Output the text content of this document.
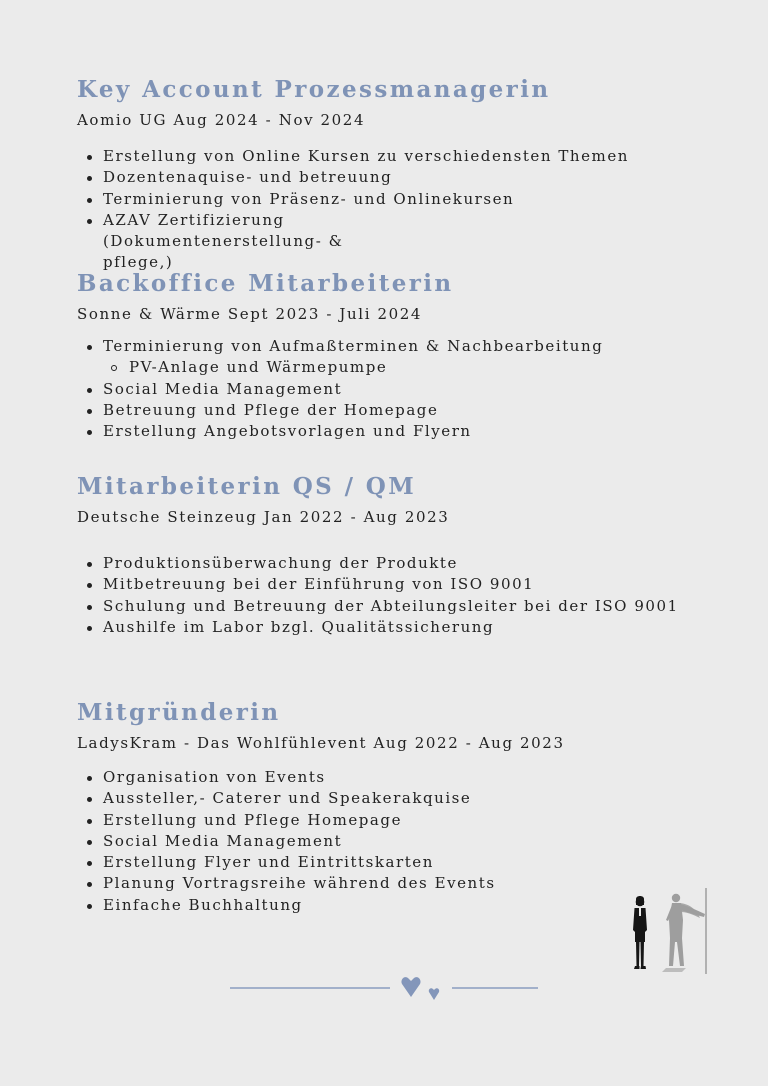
Key Account Prozessmanagerin

Aomio UG Aug 2024 - Nov 2024

Erstellung von Online Kursen zu verschiedensten Themen
Dozentenaquise- und betreuung
Terminierung von Präsenz- und Onlinekursen
AZAV Zertifizierung (Dokumentenerstellung- & pflege,)
Backoffice Mitarbeiterin

Sonne & Wärme Sept 2023 - Juli 2024

Terminierung von Aufmaßterminen & Nachbearbeitung
PV-Anlage und Wärmepumpe
Social Media Management
Betreuung und Pflege der Homepage
Erstellung Angebotsvorlagen und Flyern
Mitarbeiterin QS / QM

Deutsche Steinzeug Jan 2022 - Aug 2023

Produktionsüberwachung der Produkte
Mitbetreuung bei der Einführung von ISO 9001
Schulung und Betreuung der Abteilungsleiter bei der ISO 9001
Aushilfe im Labor bzgl. Qualitätssicherung
Mitgründerin

LadysKram - Das Wohlfühlevent Aug 2022 - Aug 2023

Organisation von Events
Aussteller,- Caterer und Speakerakquise
Erstellung und Pflege Homepage
Social Media Management
Erstellung Flyer und Eintrittskarten
Planung Vortragsreihe während des Events
Einfache Buchhaltung
